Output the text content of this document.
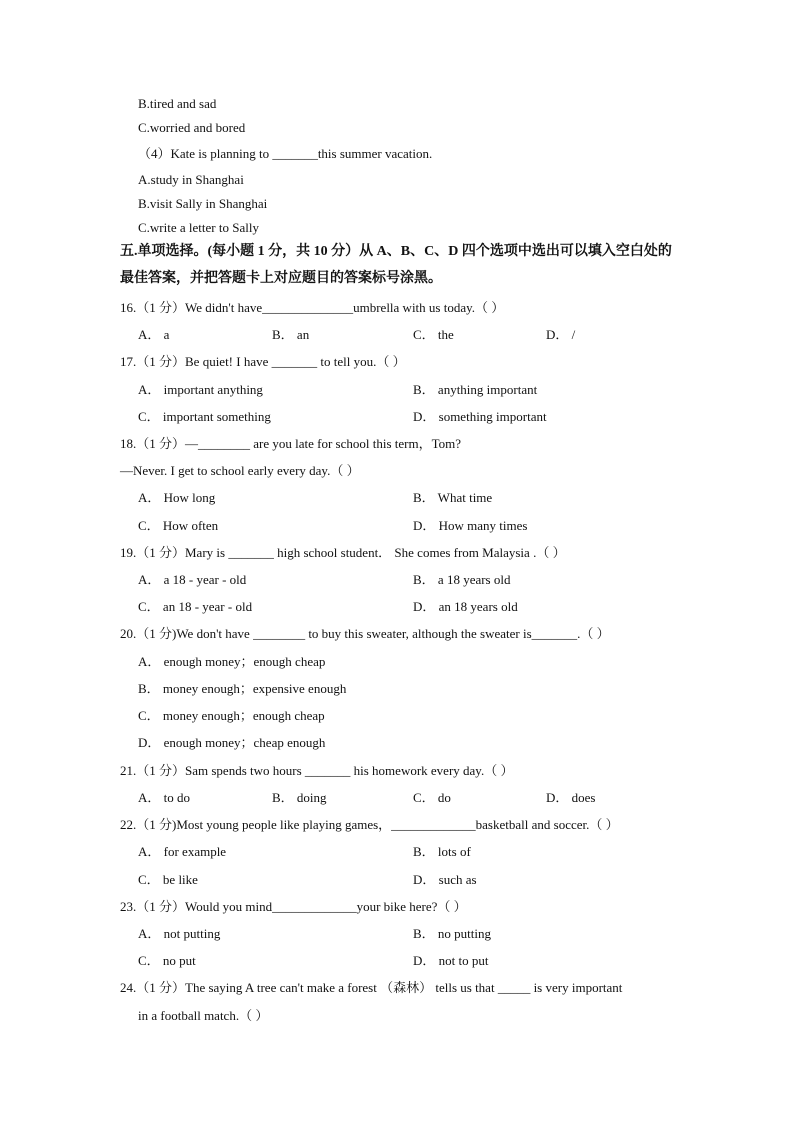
B.tired and sad
C.worried and bored
（4）Kate is planning to _______this summer vacation.
A.study in Shanghai
B.visit Sally in Shanghai
C.write a letter to Sally
五.单项选择。(每小题 1 分，共 10 分）从 A、B、C、D 四个选项中选出可以填入空白处的
最佳答案，并把答题卡上对应题目的答案标号涂黑。
16.（1 分）We didn't have______________umbrella with us today.（ ）
A． a	B． an	C． the	D． /
17.（1 分）Be quiet! I have _______ to tell you.（ ）
A． important anything	B． anything important
C． important something	D． something important
18.（1 分）—________ are you late for school this term，Tom?
—Never. I get to school early every day.（ ）
A． How long	B． What time
C． How often	D． How many times
19.（1 分）Mary is _______ high school student． She comes from Malaysia .（ ）
A． a 18 - year - old	B． a 18 years old
C． an 18 - year - old	D． an 18 years old
20.（1 分)We don't have ________ to buy this sweater, although the sweater is_______.（ ）
A． enough money；enough cheap
B． money enough；expensive enough
C． money enough；enough cheap
D． enough money；cheap enough
21.（1 分）Sam spends two hours _______ his homework every day.（ ）
A． to do	B． doing	C． do	D． does
22.（1 分)Most young people like playing games，_____________basketball and soccer.（ ）
A． for example	B． lots of
C． be like	D． such as
23.（1 分）Would you mind_____________your bike here?（ ）
A． not putting	B． no putting
C． no put	D． not to put
24.（1 分）The saying A tree can't make a forest （森林） tells us that _____ is very important
in a football match.（ ）
